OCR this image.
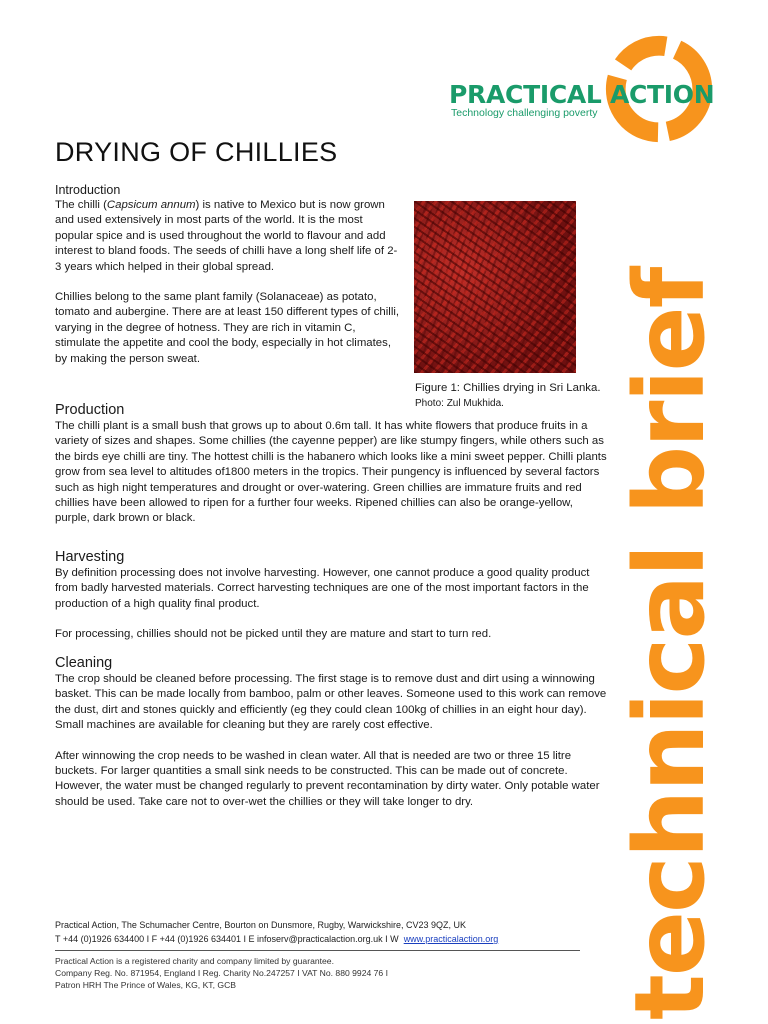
PRACTICAL ACTION
Technology challenging poverty
technical brief
DRYING OF CHILLIES
Introduction

The chilli (Capsicum annum) is native to Mexico but is now grown and used extensively in most parts of the world. It is the most popular spice and is used throughout the world to flavour and add interest to bland foods. The seeds of chilli have a long shelf life of 2-3 years which helped in their global spread.

Chillies belong to the same plant family (Solanaceae) as potato, tomato and aubergine. There are at least 150 different types of chilli, varying in the degree of hotness. They are rich in vitamin C, stimulate the appetite and cool the body, especially in hot climates, by making the person sweat.

Figure 1: Chillies drying in Sri Lanka. Photo: Zul Mukhida.
Production

The chilli plant is a small bush that grows up to about 0.6m tall. It has white flowers that produce fruits in a variety of sizes and shapes. Some chillies (the cayenne pepper) are like stumpy fingers, while others such as the birds eye chilli are tiny. The hottest chilli is the habanero which looks like a mini sweet pepper. Chilli plants grow from sea level to altitudes of1800 meters in the tropics. Their pungency is influenced by several factors such as high night temperatures and drought or over-watering. Green chillies are immature fruits and red chillies have been allowed to ripen for a further four weeks. Ripened chillies can also be orange-yellow, purple, dark brown or black.

Harvesting

By definition processing does not involve harvesting. However, one cannot produce a good quality product from badly harvested materials. Correct harvesting techniques are one of the most important factors in the production of a high quality final product.

For processing, chillies should not be picked until they are mature and start to turn red.

Cleaning

The crop should be cleaned before processing. The first stage is to remove dust and dirt using a winnowing basket. This can be made locally from bamboo, palm or other leaves. Someone used to this work can remove the dust, dirt and stones quickly and efficiently (eg they could clean 100kg of chillies in an eight hour day). Small machines are available for cleaning but they are rarely cost effective.

After winnowing the crop needs to be washed in clean water. All that is needed are two or three 15 litre buckets. For larger quantities a small sink needs to be constructed. This can be made out of concrete. However, the water must be changed regularly to prevent recontamination by dirty water. Only potable water should be used. Take care not to over-wet the chillies or they will take longer to dry.

Practical Action, The Schumacher Centre, Bourton on Dunsmore, Rugby, Warwickshire, CV23 9QZ, UK
T +44 (0)1926 634400 I F +44 (0)1926 634401 I E infoserv@practicalaction.org.uk I W www.practicalaction.org
Practical Action is a registered charity and company limited by guarantee.
Company Reg. No. 871954, England I Reg. Charity No.247257 I VAT No. 880 9924 76 I
Patron HRH The Prince of Wales, KG, KT, GCB
